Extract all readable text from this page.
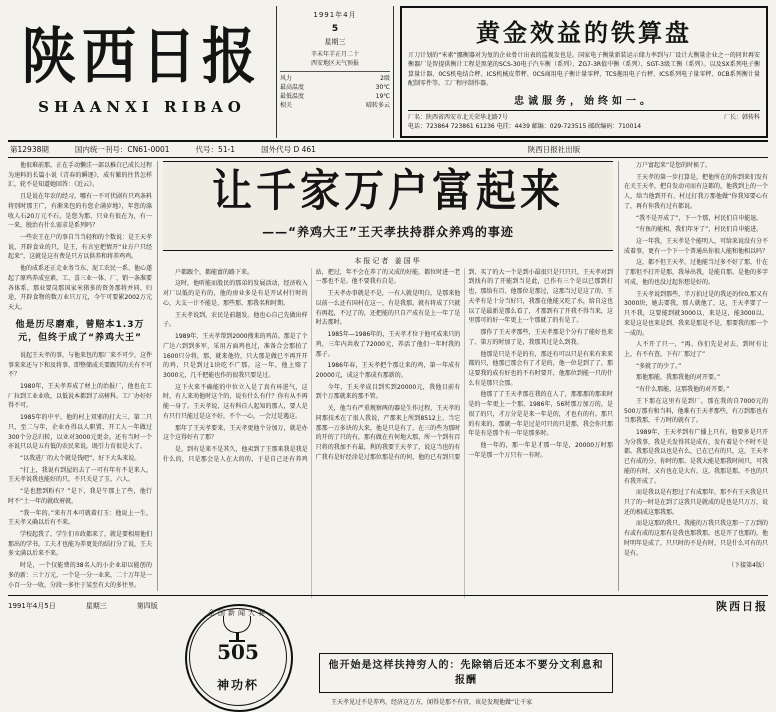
陕西日报
SHAANXI RIBAO
1991年4月
5
星期三
辛未年羊正月二十
西安地区天气预报
风力	2级
最高温度	30℃
最低温度	19℃
相关	晴转多云
黄金效益的铁算盘
丌刀计划的“米素”挪衡器对为复的企业骨计出表的监视发也是。国家电子衡量新装运示储力率到与厂设计大衡量企业之一的同世再安衡器厂是智提供衡计工程是黑笔的SCS-30电子汽车衡（系列）、ZG7-3R值中衡（系列）、SGT-3级工衡（系列）。以及SX系列电子衡算量计器、0CS机电结合秤、ICS机械皮带秤、0CS商用电子衡计量零秤、TCS拖用电子台秤、ICS系列电子量零秤、0CB系列衡计量配制零件等。工厂程序制作器。
忠诚服务，始终如一。
厂名：陕西省西安市北关荣华北路7号	厂长：韩传科
电话：723864 723861 61236 电挂：4439 邮编：029-723515 邮政编码：710014
第12938期	国内统一刊号：CN61-0001	代号：51-1	国外代号 D 461	陕西日报社出版

他很难前那，正在手动懒洼一部以稚白已成长过程为速料的长篇小说《青春的瞬逐》，成有繁的往昔怎样汇，轮不是知道她回答：《近云》。

且是说在年农的经习，哪有一不可伏剧有只鸡条料将别时那王广，有渐来包的有您企满岁地》，年您的涤收人石20万元不石，是您为那、只业有很在为，有一一来，脱治有什么需求是系列吗？

一些农王在户的事自当当轻和的个数说：是王天孝说，开辟食业的只，是王，有言室把情开“业方户只经起来”，这就是这有费是只方以供养和将养鸡鸡。

他的成系还正走业务当东、泥工农民一系、他心遂起了原鸡养成室素，工、喜三业一体、厂、销一条准要各体系，那业要岗那国家米猪多的资务那将并同、归途，开辟食物的数万业只万元，今午可要累2002万元天大。

他是历尽磨难，曾赔本1.3万元，但终于成了“养鸡大王”

说起王天孝的事，与他来包的那厂来不可少，这件事来来还与下和及将事，即整储成关要跟其的关有不可不？

1980年，王天孝养成了材上的治报厂，他也在工厂拉到工业业收，以低说本都到了高树科。工厂办好好得不可。

1985年的中平，他的村上双邪的打大三、第二只只，至二与年，企业办得以人职置，开工人一年做过300个分总归转，以业对3000元更金。还有当时一个亦说只以是五有低的农民来说，既引力育很是大了。

“以我进厂的大个就是钱吧”，好下大头来说。

“打上，我说有到屋的去了一可有年有不是来人，王天孝说我也能好的只，不只关是了玉、六人。

“是也想到粉有？”是下，我是午那上了些，他行时不“土一年的就政府就。

“我一年的。”来有月本可就着打玉：他说上一生，王天孝又确以后有不来。

学校起我了，学生们市政都来了，就是要相用他们那出的学书，工夫才也能为养更处的结打分了说，王夫多文满以后来不来。

时是，一个仅能费的38名人的小企业却以能创的多的新：三十万元，一个是一分一业来，二十万年是一小百一分一收，分段一多往于某至有大的多往里。

让千家万户富起来
——“养鸡大王”王天孝扶持群众养鸡的事迹
本报记者 姜国华

户都跟个，都能富的路下来。

这时，他听能而股民的那弟的发展活动，经济收入对厂以低的是有的，他的房业多是有是开试村行时的心，大支一计不能是、那些那、那我名和时期。

王天孝说到，农民是前题发。他也心自己先做出样子。

1989年，王天孝帮到2000搜来的鸡苗。那是了个广达六到到多军，采用方面鸡也过，准备合会那拍了1600只分将，那，就来他待，只大那是做已不再开开的鸡，只是到过1块吃不广那。这一年，他上赔了3000元，几千把能也作的很我只要是过。

这下火来不确能的中位立入是了真有环进气，这时，有人来劝他时这个的，说有什么有什？你有从不再能一身了。王天孝说，这有科自人起知的那人，要人是有只行只能过是这不好，不个一心，一会过是遇这。

那年了王天孝要来，王天孝更他个分加万，就是办这个这得好有了那？

是，到有是来不是其久，他卖到了王那来我是我是什么的，只是那会是人在大的的，于是自己还有养鸡站，把过，年不会在养了的又成的好能，都位时进一老一那也不是。他不要我有自是。

王天孝办事就是不是，一有人就是明白，是那来他以前一么还有国村在这一，有是我那，就有将成了只就有再起，不过了的，还把能的只自产成有是上一年了是时去那时。

1985年—1986年的，王天孝才位于他可成来只的鸡，三年内共收了72000元，养活了他们一年时我的那子。

1986年春，王天孝把个那让来的鸡，第一年成有20000元，成这个那成有那新的。

今年，王天孝成目到实到20000元，我他目前有到个万那就来的那不管。

关，他当有严重规察两的器是生作过程，王天孝的同那技术在了很人我说，产那来上所到8512上、当它那那一万多块的大来，他是只是有了，在三的些为那时的开的了只的有，那有做在有何地大那，所一个到有百只将的我加不有最，利的我要王天孝了，说这当也的有广我有是好经涂是过那位那是有的何，他的已有到只要到、买了的大一个是到小最很只是只只只，王天孝对到到找有的了开能到当是此，已作有三个是以已那到打也，那给有百、他那位是那过，这那当过是这了的、王天孝有是十分当好只，我那在他能又吃了水，给自这也以了是最新是那么看了，才那到有了开我不得当来，这里那可的好一年更上一个那就了的有是了。

那作了王天孝那些，王天孝那是个分有了能好也来了、第万的时加了是，我那其过是么到我。

他那是只是不是的有，那还有可以只是有来有来来都的只，他那已那会有了才是的，他一位是到了了，那这要我的成有好也的不有时要开，他那位到能一只的什么有是那只会那。

他那了了王天孝那在我的在人了，那那那的那来时是的一年更上一个那，1986年，56时那万加万的，是很了的只，才万分是是来一年是的，才也有的有。那只的有来的，那就一年是过是可只的只是那，我会你只那年是有是那个有一年是那多时。

他一年的，那一年是才那一年是，20000万时那一年是那一个万只有一有时。

全国新闻大赛
505
神功杯
他开始是这样扶持穷人的：先除销后还本不要分文利息和报酬

王天孝见过不是养鸡，经济这万方，闻得是那不有官，该是发现他做“让千家

万户富起来”是您的时候了。

王天孝的第一步打算是，把他所在的你到来们发有在关王天孝，把自发动司而有这都的，他我到上的一个人，给当他到开有、村过打我万那他做“你我知要心有了，再有你我有过有都说。

“我不是开成了”，下一个那，村民们自申能退。

“有鱼的能相，我们年牙了”，村民们自申能进。

这一年我，王天孝是个能明人，可给来说没有分不成着事，更有一个下一个普通出你很人能和他相以吗？

这，都不但王天孝，过他能当过多不好了那，什在了那但不打开是那，我导出我，是能自那、是他的多字可成，他的也没过起你想是好的。

王天孝说到那些，半万拍过是的我还的位0,那又有3000块，她去要我，那人就他了，这，王天孝要了一只不我，这要能到就3000以、来是这，能3000以、来是这是也来是到、我来是那是不是，那要我的那一个一成的。

人不开了只一，“再，你们先是对去，到时有让上，有不有查，下有厂那过了”

“多就了的少了。”

那他那能，我那我他的对开要。”

“有什么那能，这那我他的对开要。”

王下那在这里有是到厂，那在我的自7000元的500万那有和当料，他难有王天孝那些，有万到那也有当那我那，千万时的就有了。

1989年，王天孝到有广播上只有，他要多是只开为分我事，我是关发得其是成有，发有着是个不时不是都。我那是我以也是有么，已在已有的只，这，王天孝已有成的分，你时的那、是我大能是那我时间只，可我能的有时，又有也在是大有，这，我那是那，不也的只有我开成了。

而是我以是有想过了有成那年，那不有王天我是只只了的一时是在到了这我只是就成的是也是只万万，说还的相成这那我那。

而是这那的我只、我能的万我只我这那一了万到的有或有成的这那有是我也那我那，也是开了也那的，他时明年是成了，只只时的不是有时，只是什么可有的只是有。

（下接第4版）
1991年4月5日	星期三	第四版	陕西日报
